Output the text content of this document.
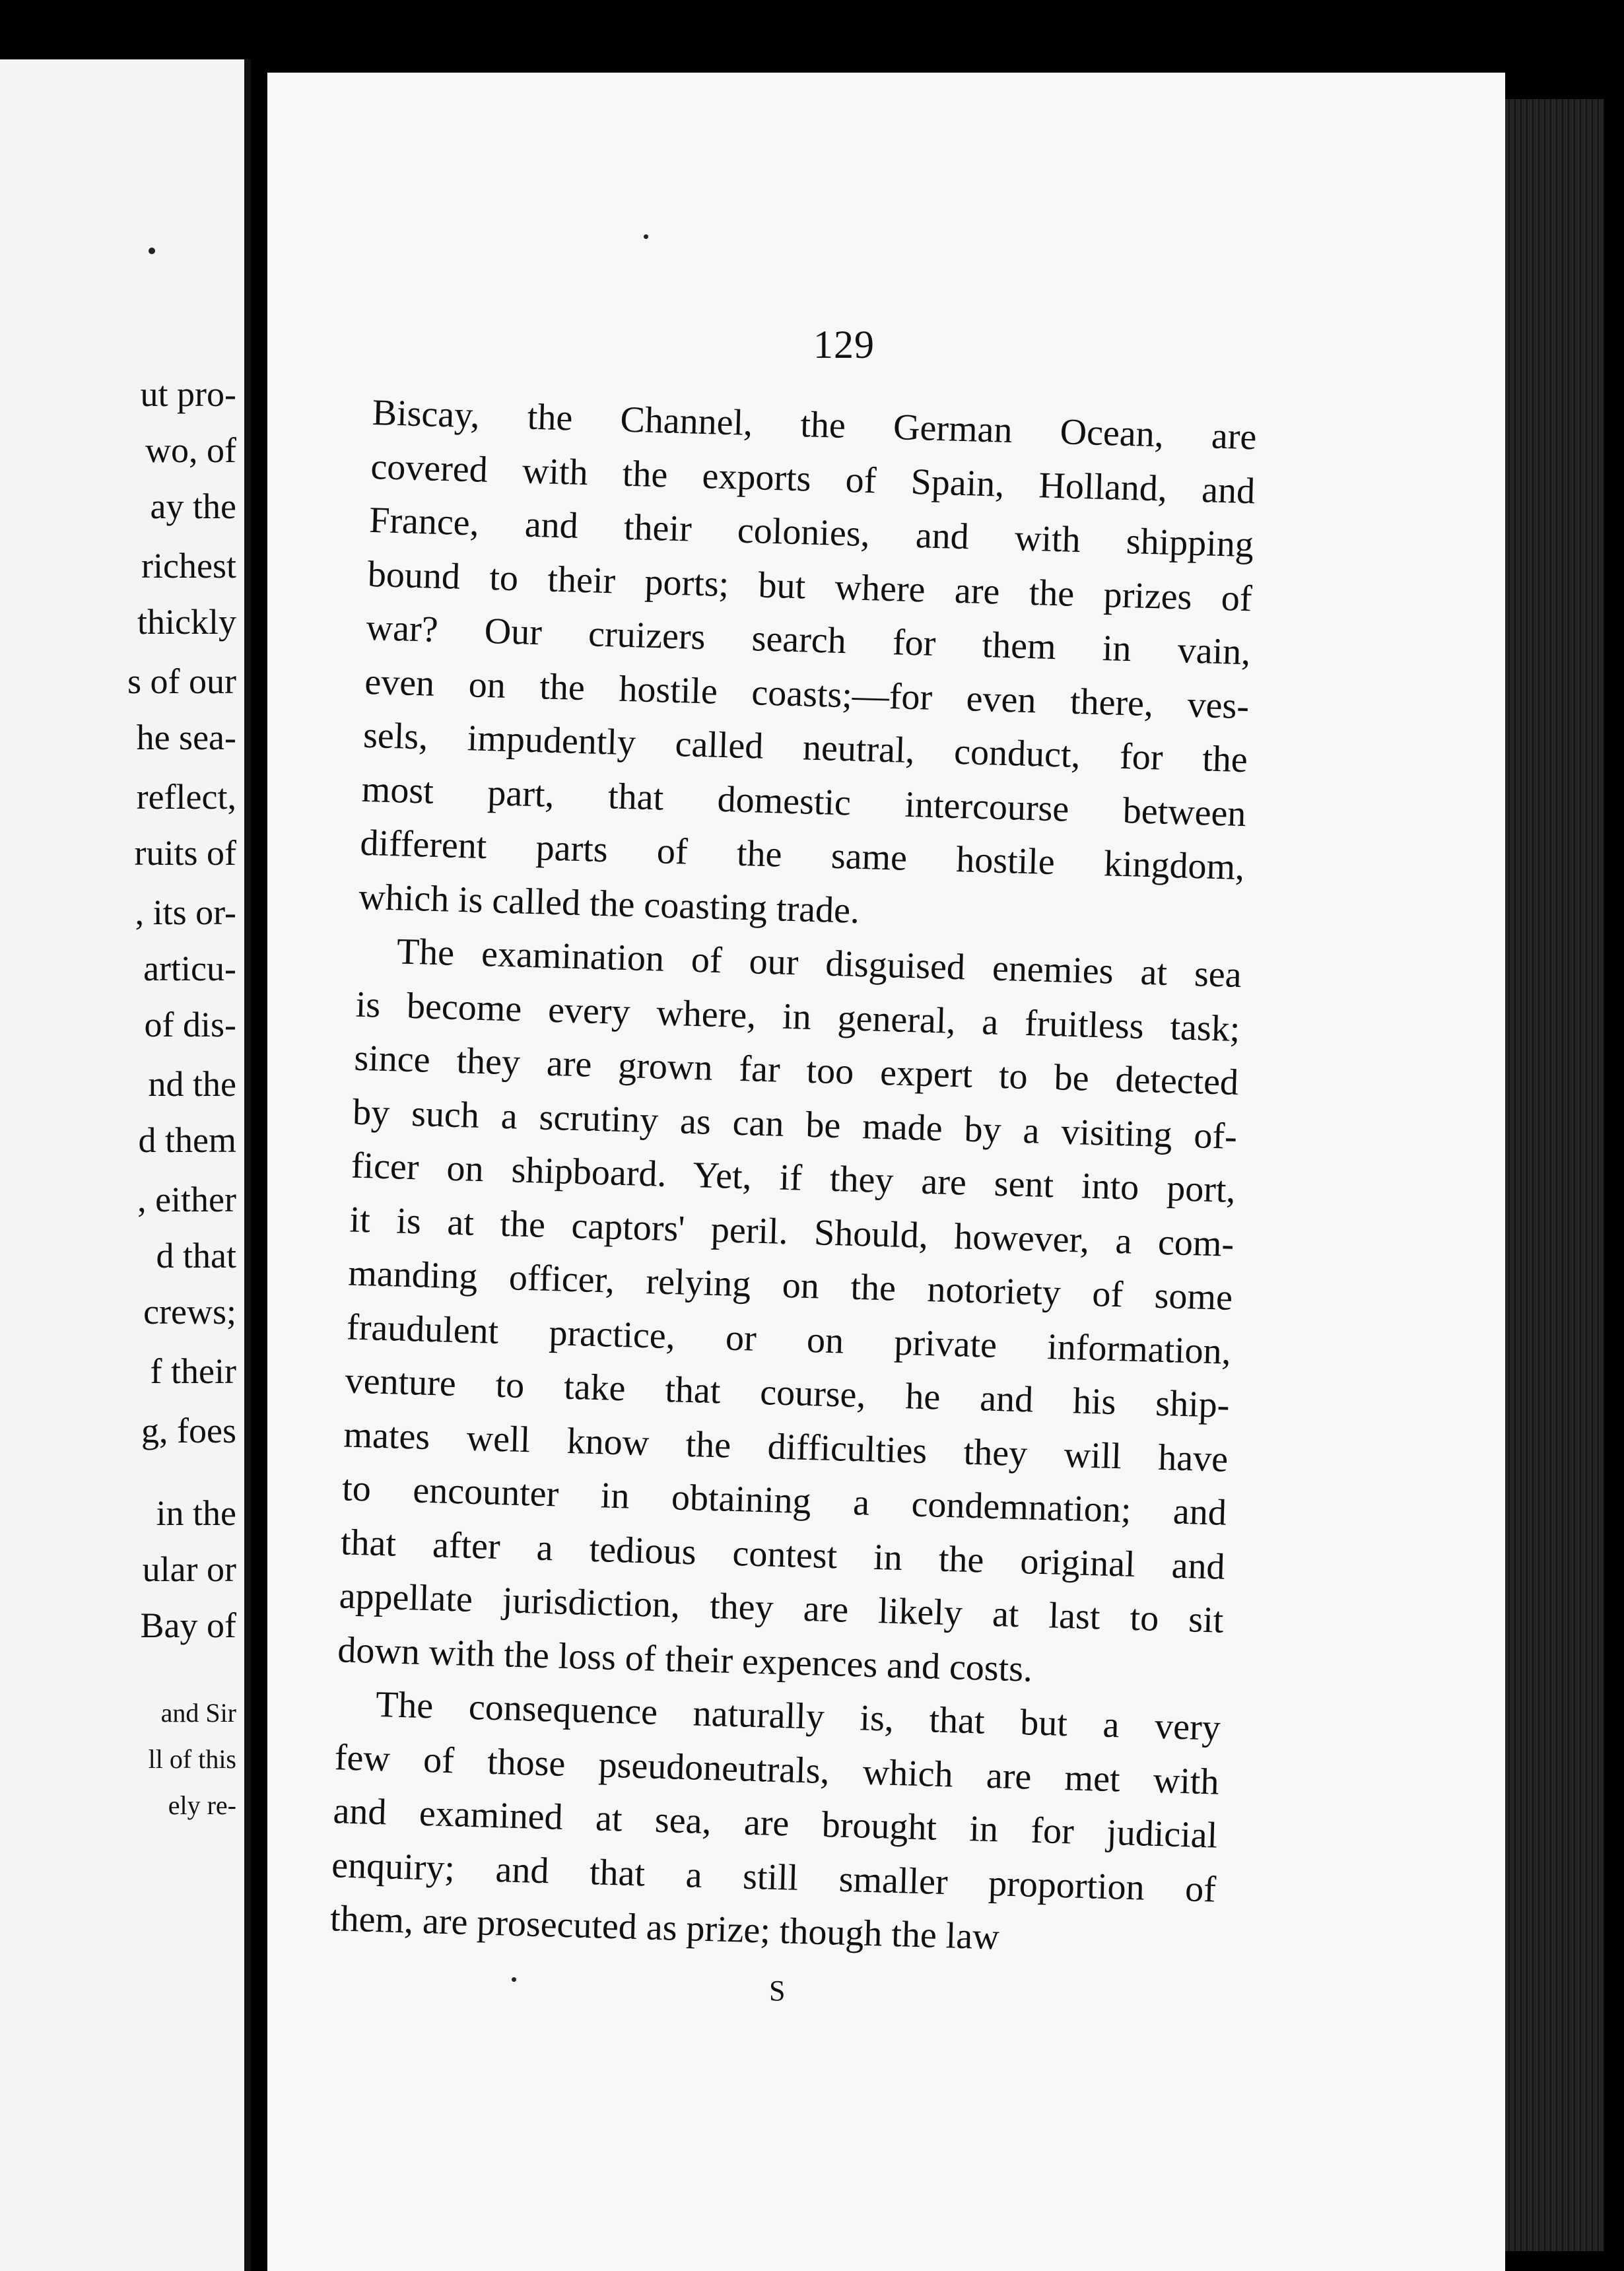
ut pro-
wo, of
ay the
richest
thickly
s of our
he sea-
reflect,
ruits of
, its or-
articu-
of dis-
nd the
d them
, either
d that
crews;
f their
g, foes
in the
ular or
Bay of
and Sir
ll of this
ely re-
129
Biscay, the Channel, the German Ocean, are
covered with the exports of Spain, Holland, and
France, and their colonies, and with shipping
bound to their ports; but where are the prizes of
war? Our cruizers search for them in vain,
even on the hostile coasts;—for even there, ves-
sels, impudently called neutral, conduct, for the
most part, that domestic intercourse between
different parts of the same hostile kingdom,
which is called the coasting trade.
The examination of our disguised enemies at sea
is become every where, in general, a fruitless task;
since they are grown far too expert to be detected
by such a scrutiny as can be made by a visiting of-
ficer on shipboard. Yet, if they are sent into port,
it is at the captors' peril. Should, however, a com-
manding officer, relying on the notoriety of some
fraudulent practice, or on private information,
venture to take that course, he and his ship-
mates well know the difficulties they will have
to encounter in obtaining a condemnation; and
that after a tedious contest in the original and
appellate jurisdiction, they are likely at last to sit
down with the loss of their expences and costs.
The consequence naturally is, that but a very
few of those pseudoneutrals, which are met with
and examined at sea, are brought in for judicial
enquiry; and that a still smaller proportion of
them, are prosecuted as prize; though the law
S
